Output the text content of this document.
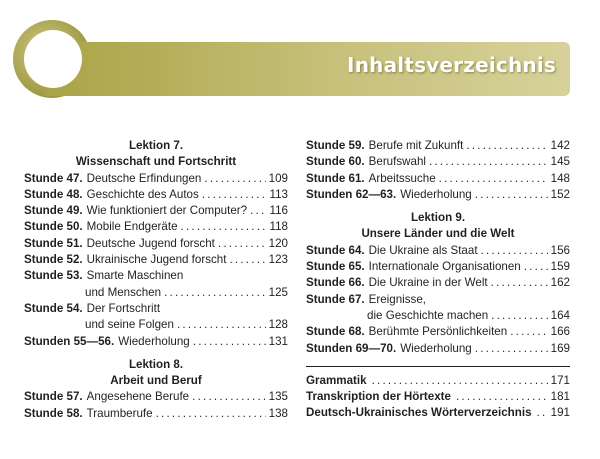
Inhaltsverzeichnis
Lektion 7.
Wissenschaft und Fortschritt
Stunde 47. Deutsche Erfindungen . . .	109
Stunde 48. Geschichte des Autos . . .	113
Stunde 49. Wie funktioniert der Computer? . . . 116
Stunde 50. Mobile Endgeräte . . .	118
Stunde 51. Deutsche Jugend forscht . . .	120
Stunde 52. Ukrainische Jugend forscht . . .	123
Stunde 53. Smarte Maschinen
und Menschen . . .	125
Stunde 54. Der Fortschritt
und seine Folgen . . .	128
Stunden 55—56. Wiederholung . . .	131
Lektion 8.
Arbeit und Beruf
Stunde 57. Angesehene Berufe . . .	135
Stunde 58. Traumberufe . . .	138
Stunde 59. Berufe mit Zukunft . . .	142
Stunde 60. Berufswahl . . .	145
Stunde 61. Arbeitssuche . . .	148
Stunden 62—63. Wiederholung . . .	152
Lektion 9.
Unsere Länder und die Welt
Stunde 64. Die Ukraine als Staat . . .	156
Stunde 65. Internationale Organisationen . . .	159
Stunde 66. Die Ukraine in der Welt . . .	162
Stunde 67. Ereignisse,
die Geschichte machen . . .	164
Stunde 68. Berühmte Persönlichkeiten . . .	166
Stunden 69—70. Wiederholung . . .	169
Grammatik . . .	171
Transkription der Hörtexte . . .	181
Deutsch-Ukrainisches Wörterverzeichnis . . . 191
